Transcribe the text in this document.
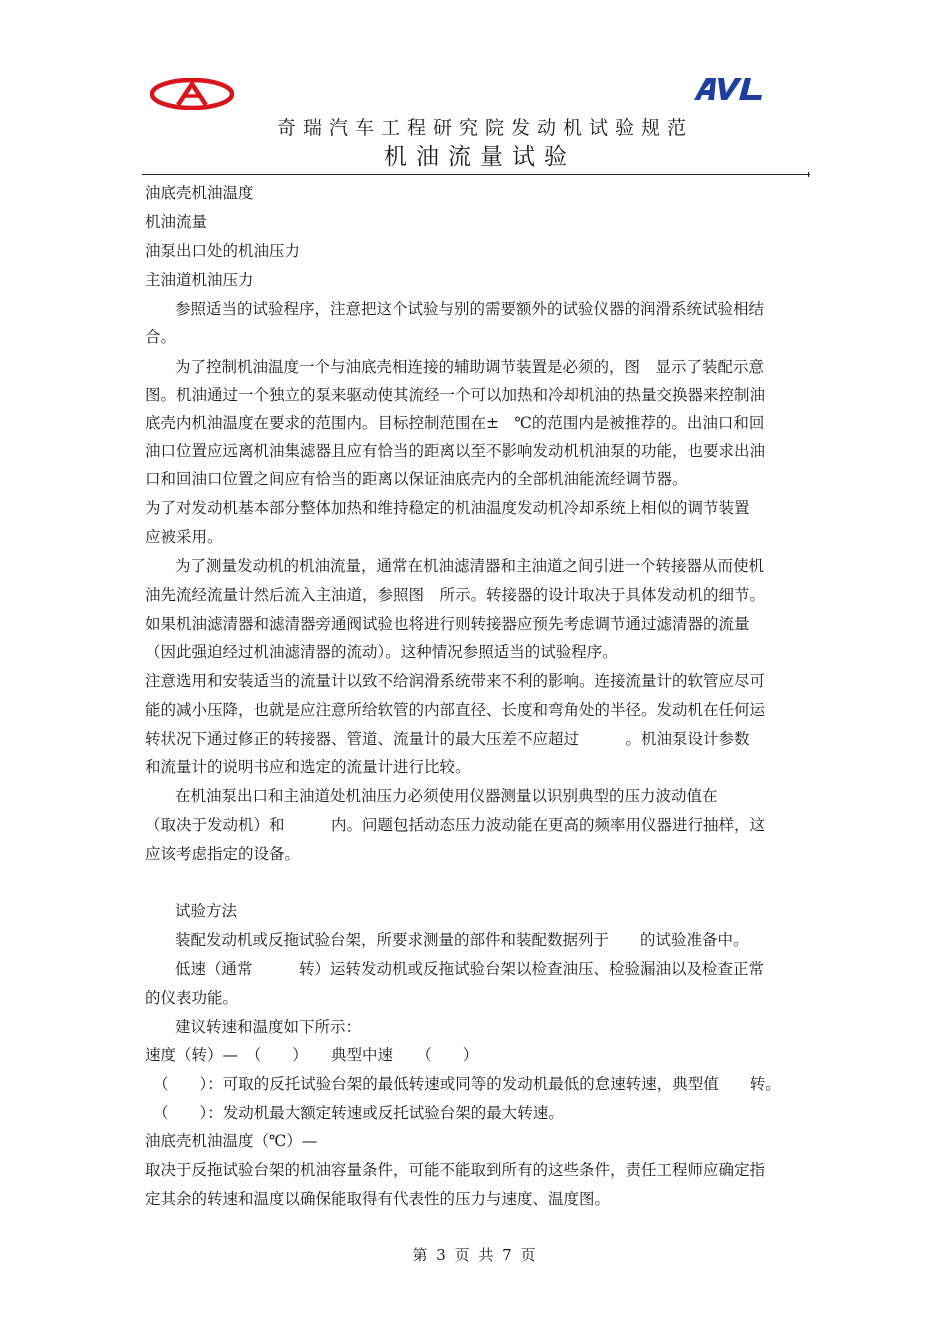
奇瑞汽车工程研究院发动机试验规范
机油流量试验
油底壳机油温度
机油流量
油泵出口处的机油压力
主油道机油压力
参照适当的试验程序，注意把这个试验与别的需要额外的试验仪器的润滑系统试验相结
合。
为了控制机油温度一个与油底壳相连接的辅助调节装置是必须的，图　显示了装配示意
图。机油通过一个独立的泵来驱动使其流经一个可以加热和冷却机油的热量交换器来控制油
底壳内机油温度在要求的范围内。目标控制范围在±　℃的范围内是被推荐的。出油口和回
油口位置应远离机油集滤器且应有恰当的距离以至不影响发动机机油泵的功能，也要求出油
口和回油口位置之间应有恰当的距离以保证油底壳内的全部机油能流经调节器。
为了对发动机基本部分整体加热和维持稳定的机油温度发动机冷却系统上相似的调节装置
应被采用。
为了测量发动机的机油流量，通常在机油滤清器和主油道之间引进一个转接器从而使机
油先流经流量计然后流入主油道，参照图　所示。转接器的设计取决于具体发动机的细节。
如果机油滤清器和滤清器旁通阀试验也将进行则转接器应预先考虑调节通过滤清器的流量
（因此强迫经过机油滤清器的流动）。这种情况参照适当的试验程序。
注意选用和安装适当的流量计以致不给润滑系统带来不利的影响。连接流量计的软管应尽可
能的减小压降，也就是应注意所给软管的内部直径、长度和弯角处的半径。发动机在任何运
转状况下通过修正的转接器、管道、流量计的最大压差不应超过　　　。机油泵设计参数
和流量计的说明书应和选定的流量计进行比较。
在机油泵出口和主油道处机油压力必须使用仪器测量以识别典型的压力波动值在
（取决于发动机）和　　　内。问题包括动态压力波动能在更高的频率用仪器进行抽样，这
应该考虑指定的设备。
试验方法
装配发动机或反拖试验台架，所要求测量的部件和装配数据列于　　的试验准备中。
低速（通常　　　转）运转发动机或反拖试验台架以检查油压、检验漏油以及检查正常
的仪表功能。
建议转速和温度如下所示：
速度（转）—　（　　）　　典型中速　　（　　）
（　　）：可取的反托试验台架的最低转速或同等的发动机最低的怠速转速，典型值　　转。
（　　）：发动机最大额定转速或反托试验台架的最大转速。
油底壳机油温度（℃）—
取决于反拖试验台架的机油容量条件，可能不能取到所有的这些条件，责任工程师应确定指
定其余的转速和温度以确保能取得有代表性的压力与速度、温度图。
第 3 页 共 7 页
